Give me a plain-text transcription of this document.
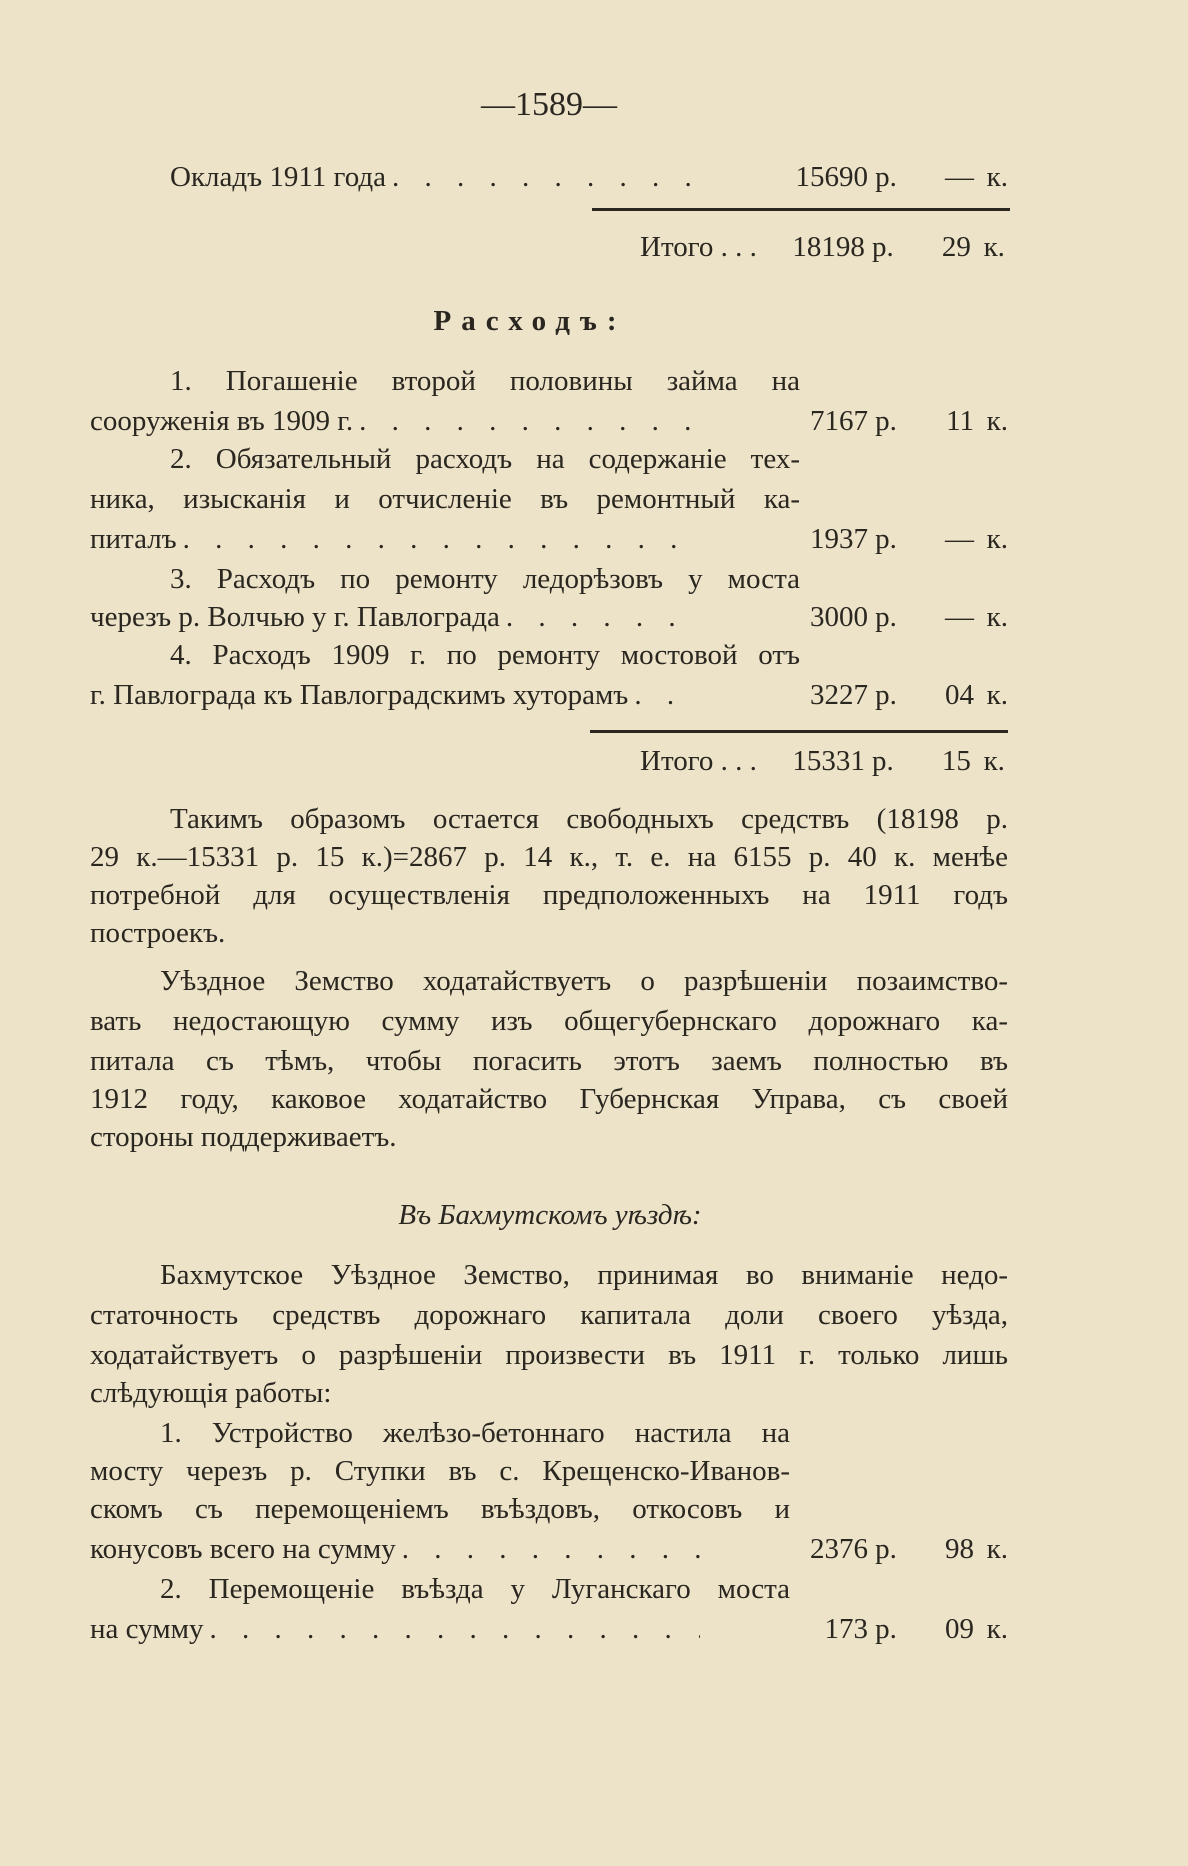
—1589—
Окладъ 1911 года . . .	15690 р.	— к.
Итого . . .	18198 р.	29 к.
Расходъ:
1. Погашеніе второй половины займа на
сооруженія въ 1909 г. . . .	7167 р.	11 к.
2. Обязательный расходъ на содержаніе тех-
ника, изысканія и отчисленіе въ ремонтный ка-
питалъ . . .	1937 р.	— к.
3. Расходъ по ремонту ледорѣзовъ у моста
черезъ р. Волчью у г. Павлограда . . .	3000 р.	— к.
4. Расходъ 1909 г. по ремонту мостовой отъ
г. Павлограда къ Павлоградскимъ хуторамъ . . .	3227 р.	04 к.
Итого . . .	15331 р.	15 к.
Такимъ образомъ остается свободныхъ средствъ (18198 р.
29 к.—15331 р. 15 к.)=2867 р. 14 к., т. е. на 6155 р. 40 к. менѣе
потребной для осуществленія предположенныхъ на 1911 годъ
построекъ.
Уѣздное Земство ходатайствуетъ о разрѣшеніи позаимство-
вать недостающую сумму изъ общегубернскаго дорожнаго ка-
питала съ тѣмъ, чтобы погасить этотъ заемъ полностью въ
1912 году, каковое ходатайство Губернская Управа, съ своей
стороны поддерживаетъ.
Въ Бахмутскомъ уѣздѣ:
Бахмутское Уѣздное Земство, принимая во вниманіе недо-
статочность средствъ дорожнаго капитала доли своего уѣзда,
ходатайствуетъ о разрѣшеніи произвести въ 1911 г. только лишь
слѣдующія работы:
1. Устройство желѣзо-бетоннаго настила на
мосту черезъ р. Ступки въ с. Крещенско-Иванов-
скомъ съ перемощеніемъ въѣздовъ, откосовъ и
конусовъ всего на сумму . . .	2376 р.	98 к.
2. Перемощеніе въѣзда у Луганскаго моста
на сумму . . .	173 р.	09 к.
